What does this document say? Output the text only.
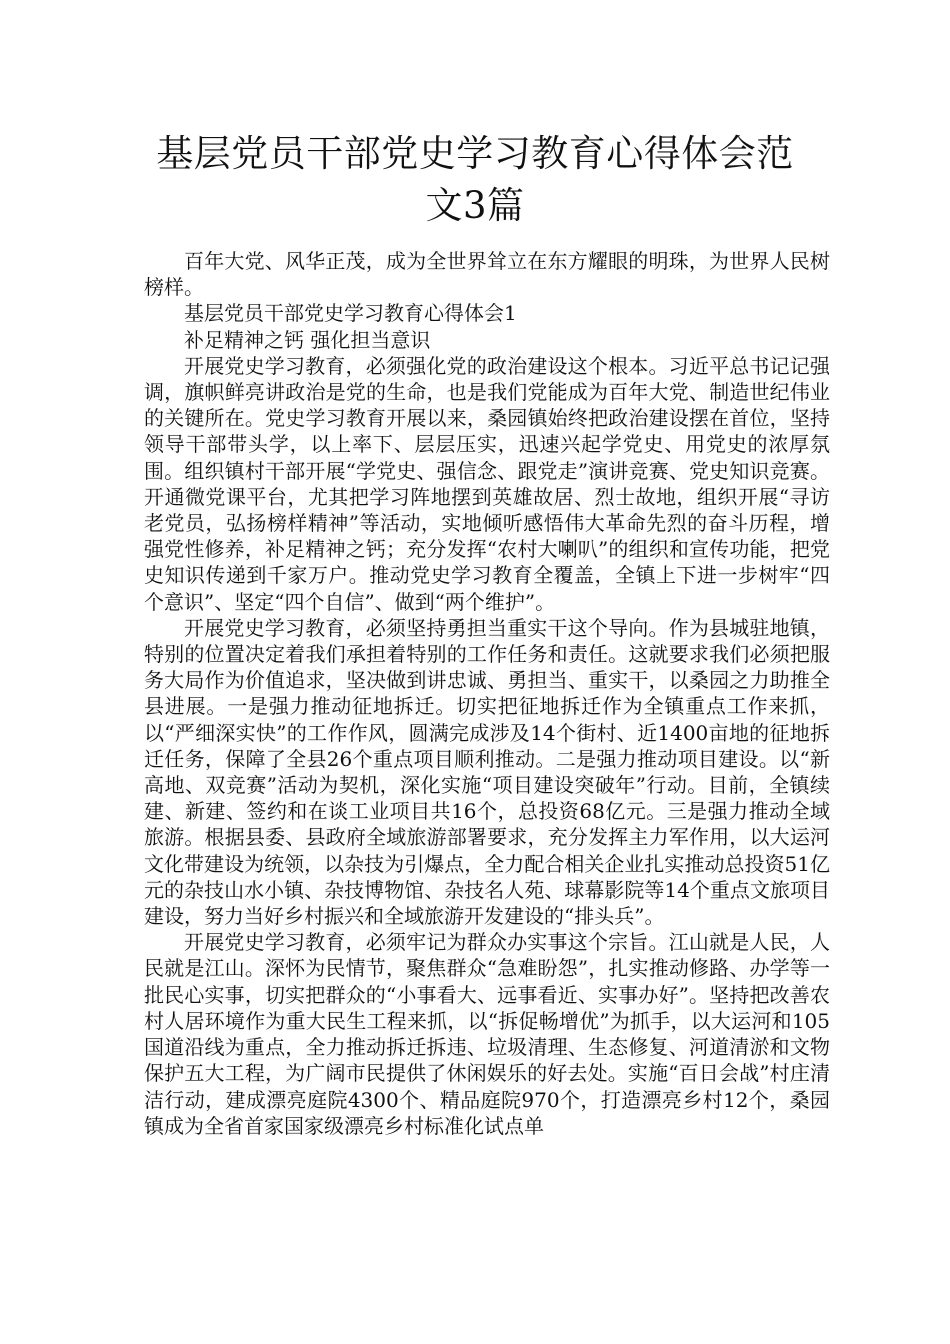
基层党员干部党史学习教育心得体会范文3篇

百年大党、风华正茂，成为全世界耸立在东方耀眼的明珠，为世界人民树榜样。

基层党员干部党史学习教育心得体会1

补足精神之钙 强化担当意识

开展党史学习教育，必须强化党的政治建设这个根本。习近平总书记记强调，旗帜鲜亮讲政治是党的生命，也是我们党能成为百年大党、制造世纪伟业的关键所在。党史学习教育开展以来，桑园镇始终把政治建设摆在首位，坚持领导干部带头学，以上率下、层层压实，迅速兴起学党史、用党史的浓厚氛围。组织镇村干部开展“学党史、强信念、跟党走”演讲竞赛、党史知识竞赛。开通微党课平台，尤其把学习阵地摆到英雄故居、烈士故地，组织开展“寻访老党员，弘扬榜样精神”等活动，实地倾听感悟伟大革命先烈的奋斗历程，增强党性修养，补足精神之钙；充分发挥“农村大喇叭”的组织和宣传功能，把党史知识传递到千家万户。推动党史学习教育全覆盖，全镇上下进一步树牢“四个意识”、坚定“四个自信”、做到“两个维护”。

开展党史学习教育，必须坚持勇担当重实干这个导向。作为县城驻地镇，特别的位置决定着我们承担着特别的工作任务和责任。这就要求我们必须把服务大局作为价值追求，坚决做到讲忠诚、勇担当、重实干，以桑园之力助推全县进展。一是强力推动征地拆迁。切实把征地拆迁作为全镇重点工作来抓，以“严细深实快”的工作作风，圆满完成涉及14个街村、近1400亩地的征地拆迁任务，保障了全县26个重点项目顺利推动。二是强力推动项目建设。以“新高地、双竞赛”活动为契机，深化实施“项目建设突破年”行动。目前，全镇续建、新建、签约和在谈工业项目共16个，总投资68亿元。三是强力推动全域旅游。根据县委、县政府全域旅游部署要求，充分发挥主力军作用，以大运河文化带建设为统领，以杂技为引爆点，全力配合相关企业扎实推动总投资51亿元的杂技山水小镇、杂技博物馆、杂技名人苑、球幕影院等14个重点文旅项目建设，努力当好乡村振兴和全域旅游开发建设的“排头兵”。

开展党史学习教育，必须牢记为群众办实事这个宗旨。江山就是人民，人民就是江山。深怀为民情节，聚焦群众“急难盼怨”，扎实推动修路、办学等一批民心实事，切实把群众的“小事看大、远事看近、实事办好”。坚持把改善农村人居环境作为重大民生工程来抓，以“拆促畅增优”为抓手，以大运河和105国道沿线为重点，全力推动拆迁拆违、垃圾清理、生态修复、河道清淤和文物保护五大工程，为广阔市民提供了休闲娱乐的好去处。实施“百日会战”村庄清洁行动，建成漂亮庭院4300个、精品庭院970个，打造漂亮乡村12个，桑园镇成为全省首家国家级漂亮乡村标准化试点单
